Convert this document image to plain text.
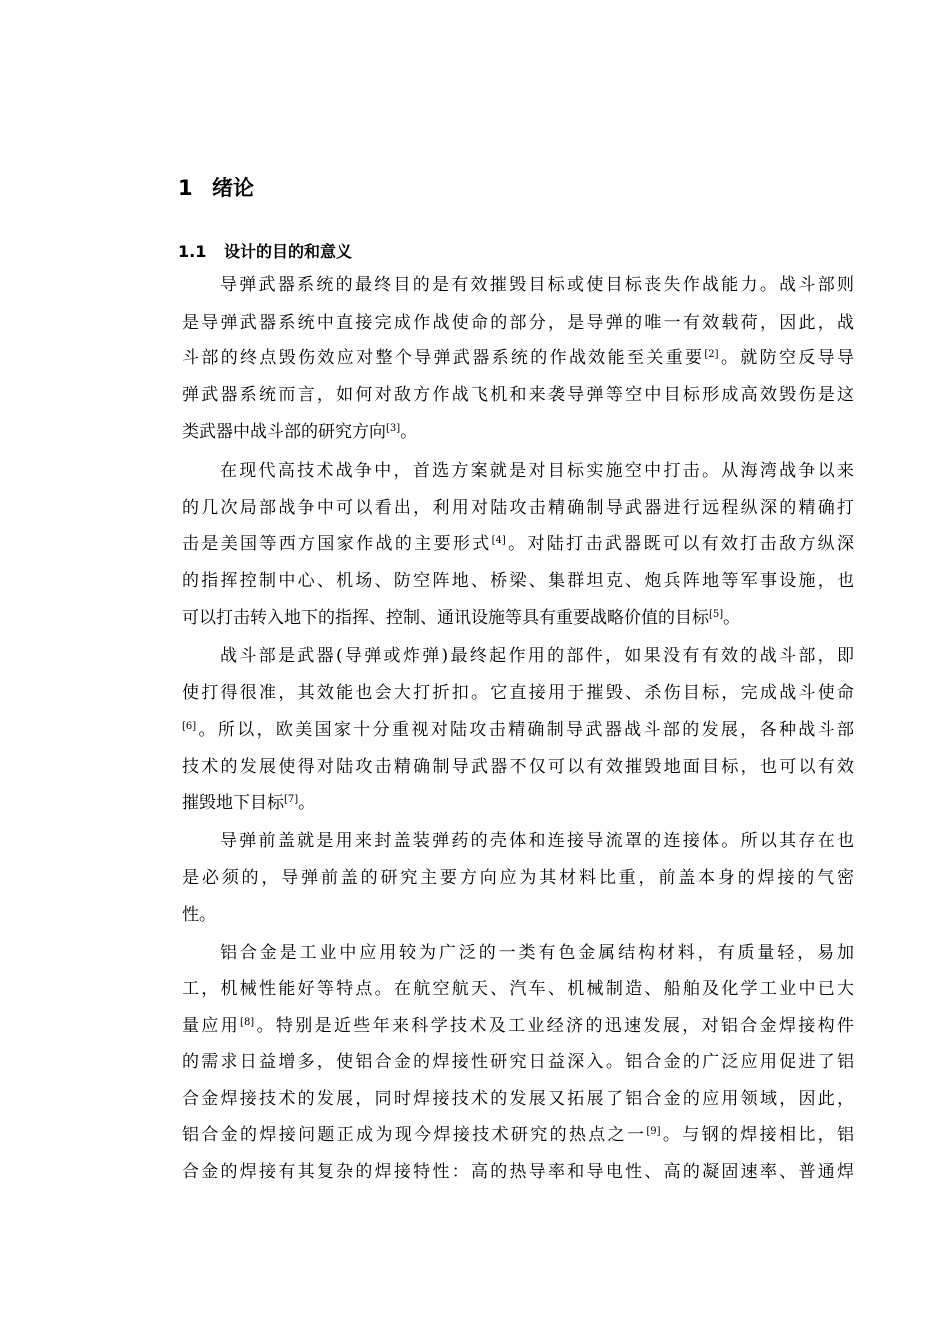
1 绪论
1.1 设计的目的和意义
导弹武器系统的最终目的是有效摧毁目标或使目标丧失作战能力。战斗部则
是导弹武器系统中直接完成作战使命的部分，是导弹的唯一有效载荷，因此，战
斗部的终点毁伤效应对整个导弹武器系统的作战效能至关重要[2]。就防空反导导
弹武器系统而言，如何对敌方作战飞机和来袭导弹等空中目标形成高效毁伤是这
类武器中战斗部的研究方向[3]。
在现代高技术战争中，首选方案就是对目标实施空中打击。从海湾战争以来
的几次局部战争中可以看出，利用对陆攻击精确制导武器进行远程纵深的精确打
击是美国等西方国家作战的主要形式[4]。对陆打击武器既可以有效打击敌方纵深
的指挥控制中心、机场、防空阵地、桥梁、集群坦克、炮兵阵地等军事设施，也
可以打击转入地下的指挥、控制、通讯设施等具有重要战略价值的目标[5]。
战斗部是武器(导弹或炸弹)最终起作用的部件，如果没有有效的战斗部，即
使打得很准，其效能也会大打折扣。它直接用于摧毁、杀伤目标，完成战斗使命
[6]。所以，欧美国家十分重视对陆攻击精确制导武器战斗部的发展，各种战斗部
技术的发展使得对陆攻击精确制导武器不仅可以有效摧毁地面目标，也可以有效
摧毁地下目标[7]。
导弹前盖就是用来封盖装弹药的壳体和连接导流罩的连接体。所以其存在也
是必须的，导弹前盖的研究主要方向应为其材料比重，前盖本身的焊接的气密
性。
铝合金是工业中应用较为广泛的一类有色金属结构材料，有质量轻，易加
工，机械性能好等特点。在航空航天、汽车、机械制造、船舶及化学工业中已大
量应用[8]。特别是近些年来科学技术及工业经济的迅速发展，对铝合金焊接构件
的需求日益增多，使铝合金的焊接性研究日益深入。铝合金的广泛应用促进了铝
合金焊接技术的发展，同时焊接技术的发展又拓展了铝合金的应用领域，因此，
铝合金的焊接问题正成为现今焊接技术研究的热点之一[9]。与钢的焊接相比，铝
合金的焊接有其复杂的焊接特性：高的热导率和导电性、高的凝固速率、普通焊
